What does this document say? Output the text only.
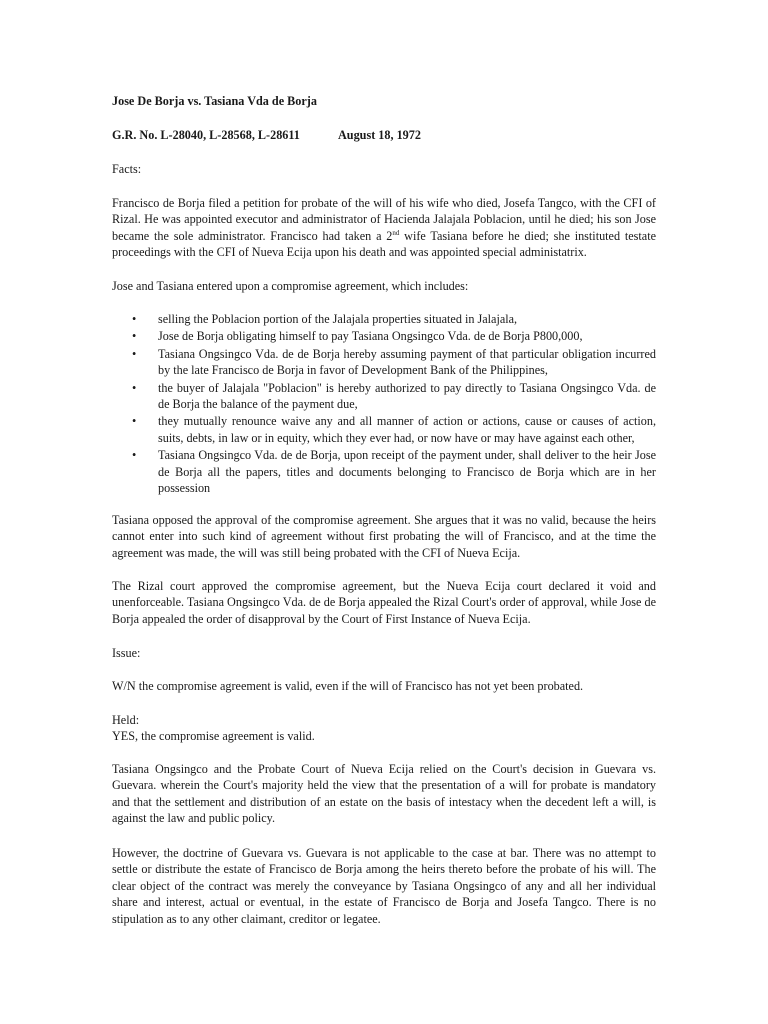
Jose De Borja vs. Tasiana Vda de Borja
G.R. No. L-28040, L-28568, L-28611	August 18, 1972
Facts:
Francisco de Borja filed a petition for probate of the will of his wife who died, Josefa Tangco, with the CFI of Rizal. He was appointed executor and administrator of Hacienda Jalajala Poblacion, until he died; his son Jose became the sole administrator. Francisco had taken a 2nd wife Tasiana before he died; she instituted testate proceedings with the CFI of Nueva Ecija upon his death and was appointed special administatrix.
Jose and Tasiana entered upon a compromise agreement, which includes:
• selling the Poblacion portion of the Jalajala properties situated in Jalajala,
• Jose de Borja obligating himself to pay Tasiana Ongsingco Vda. de de Borja P800,000,
• Tasiana Ongsingco Vda. de de Borja hereby assuming payment of that particular obligation incurred by the late Francisco de Borja in favor of Development Bank of the Philippines,
• the buyer of Jalajala "Poblacion" is hereby authorized to pay directly to Tasiana Ongsingco Vda. de de Borja the balance of the payment due,
• they mutually renounce waive any and all manner of action or actions, cause or causes of action, suits, debts, in law or in equity, which they ever had, or now have or may have against each other,
• Tasiana Ongsingco Vda. de de Borja, upon receipt of the payment under, shall deliver to the heir Jose de Borja all the papers, titles and documents belonging to Francisco de Borja which are in her possession
Tasiana opposed the approval of the compromise agreement. She argues that it was no valid, because the heirs cannot enter into such kind of agreement without first probating the will of Francisco, and at the time the agreement was made, the will was still being probated with the CFI of Nueva Ecija.
The Rizal court approved the compromise agreement, but the Nueva Ecija court declared it void and unenforceable. Tasiana Ongsingco Vda. de de Borja appealed the Rizal Court's order of approval, while Jose de Borja appealed the order of disapproval by the Court of First Instance of Nueva Ecija.
Issue:
W/N the compromise agreement is valid, even if the will of Francisco has not yet been probated.
Held:
YES, the compromise agreement is valid.
Tasiana Ongsingco and the Probate Court of Nueva Ecija relied on the Court's decision in Guevara vs. Guevara. wherein the Court's majority held the view that the presentation of a will for probate is mandatory and that the settlement and distribution of an estate on the basis of intestacy when the decedent left a will, is against the law and public policy.
However, the doctrine of Guevara vs. Guevara is not applicable to the case at bar. There was no attempt to settle or distribute the estate of Francisco de Borja among the heirs thereto before the probate of his will. The clear object of the contract was merely the conveyance by Tasiana Ongsingco of any and all her individual share and interest, actual or eventual, in the estate of Francisco de Borja and Josefa Tangco. There is no stipulation as to any other claimant, creditor or legatee.
